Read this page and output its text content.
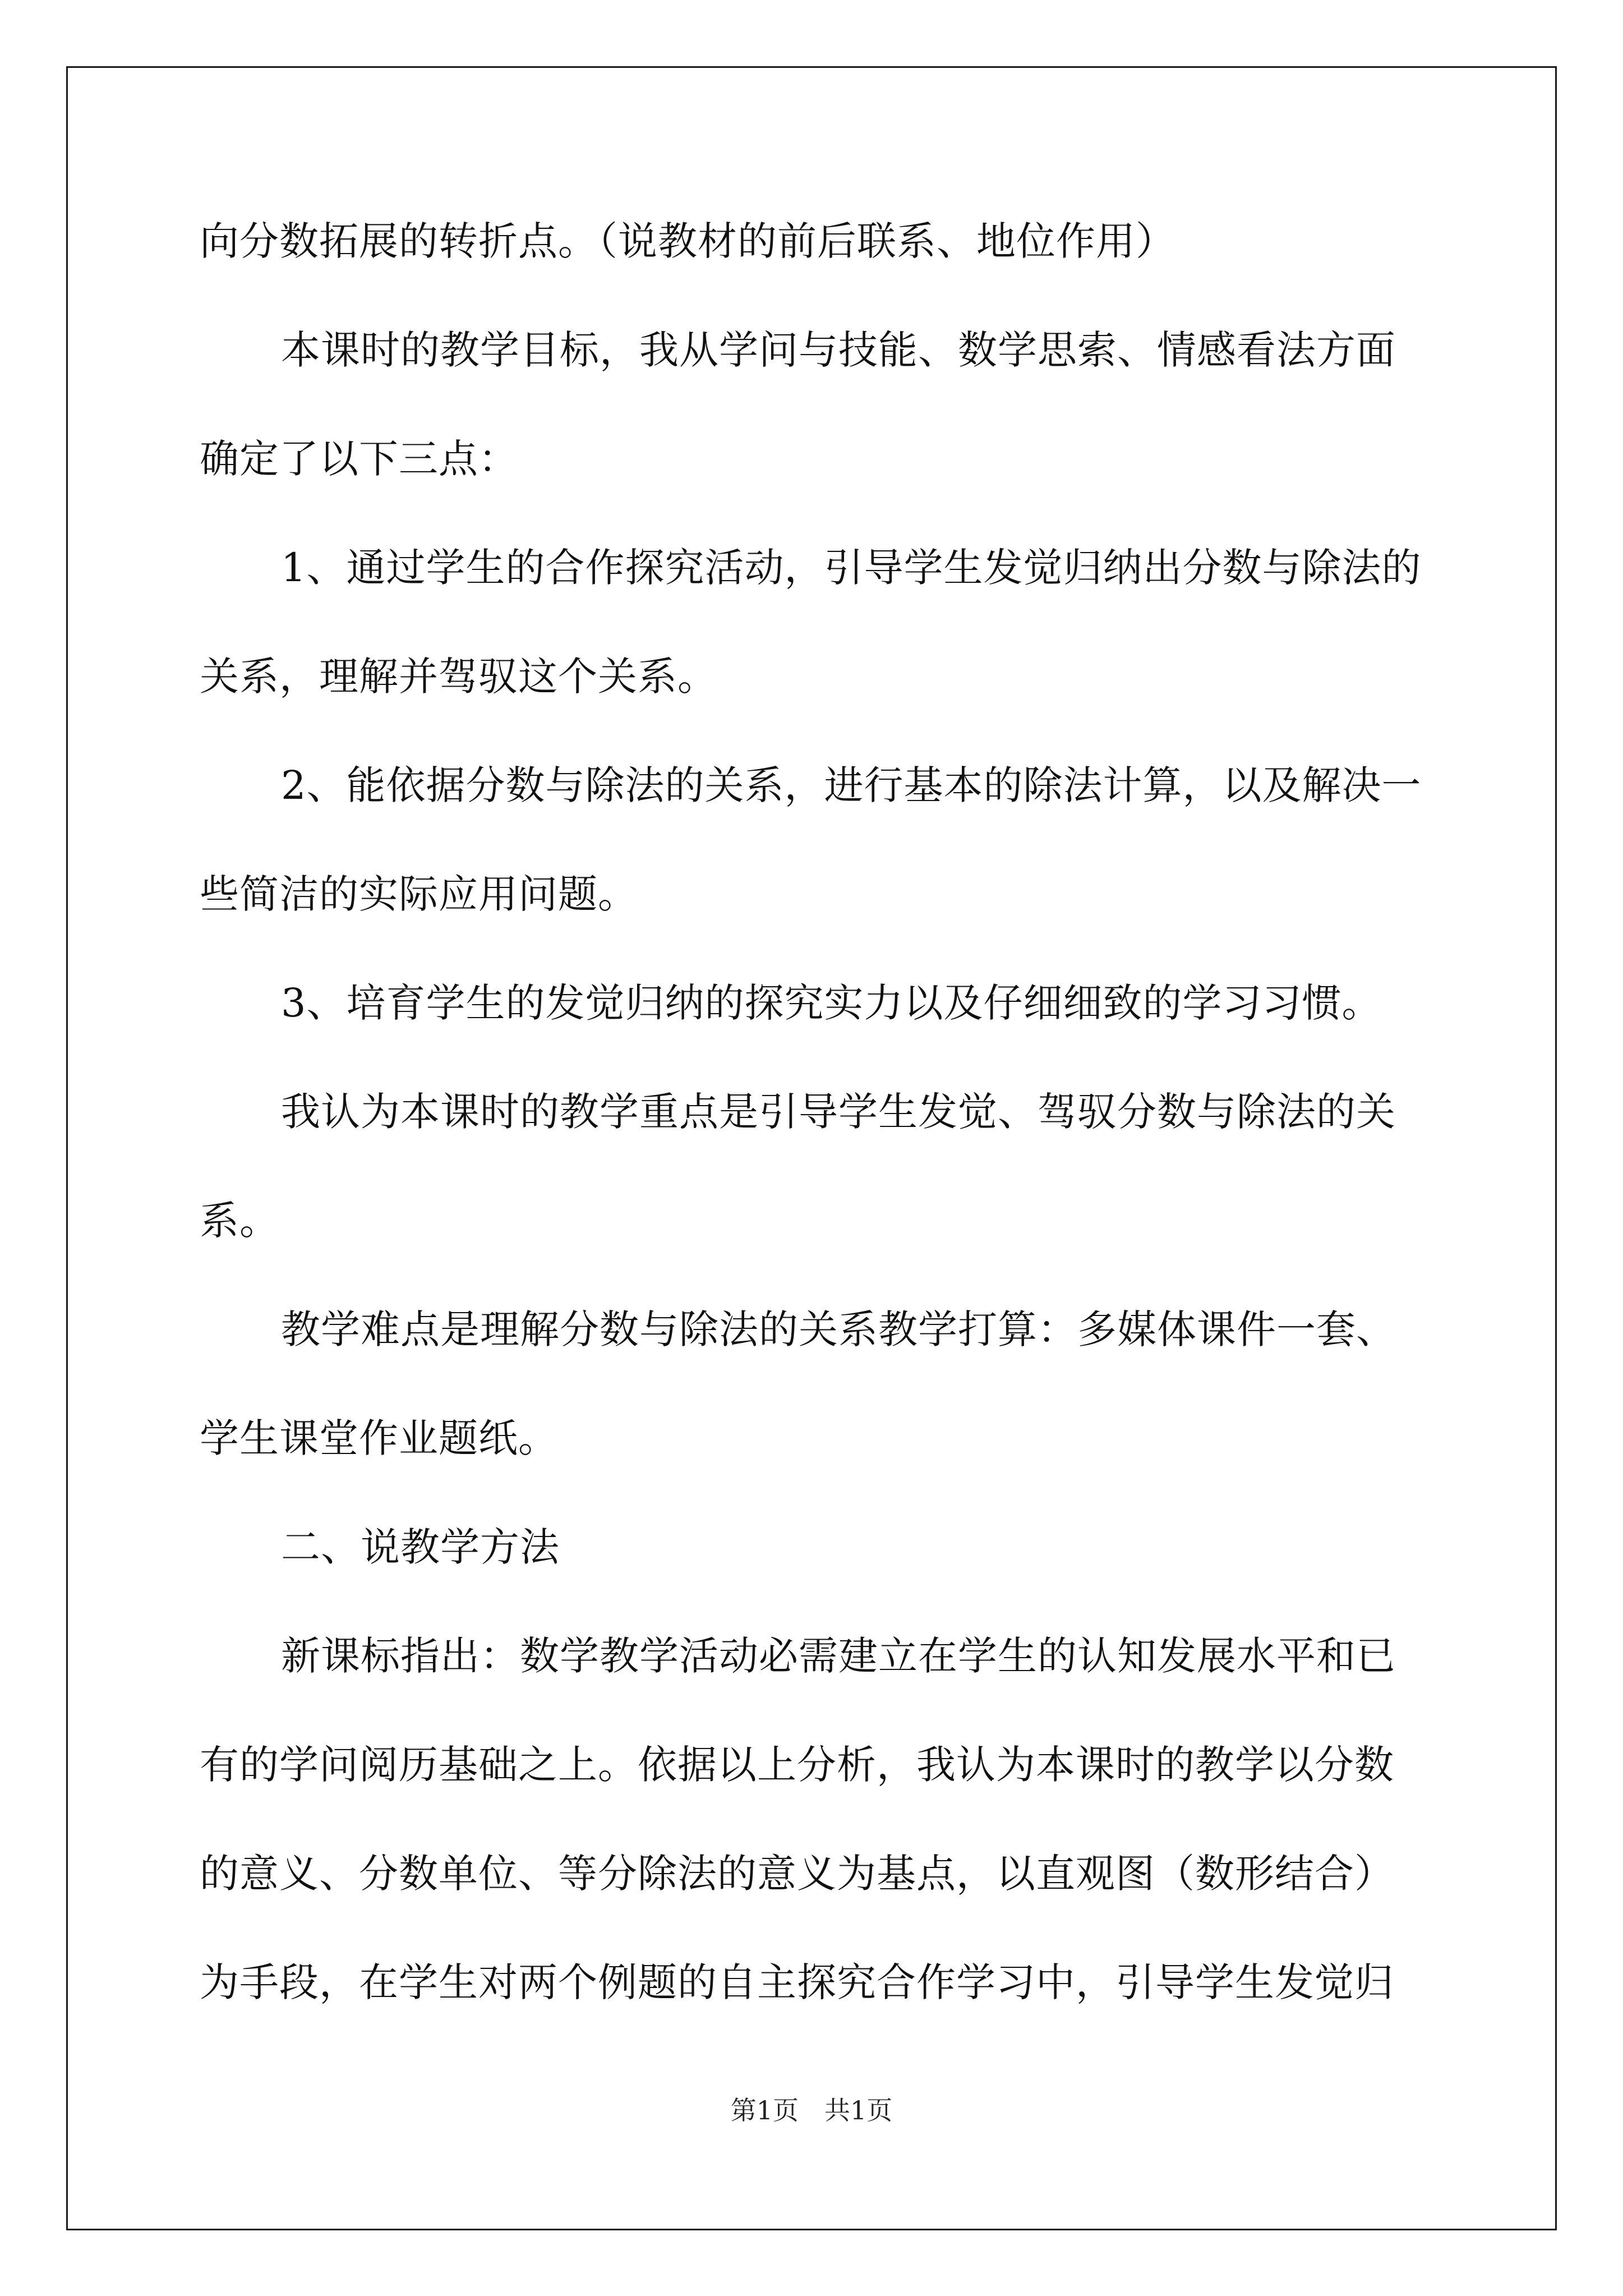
向分数拓展的转折点。（说教材的前后联系、地位作用）
本课时的教学目标，我从学问与技能、数学思索、情感看法方面
确定了以下三点：
1、通过学生的合作探究活动，引导学生发觉归纳出分数与除法的
关系，理解并驾驭这个关系。
2、能依据分数与除法的关系，进行基本的除法计算，以及解决一
些简洁的实际应用问题。
3、培育学生的发觉归纳的探究实力以及仔细细致的学习习惯。
我认为本课时的教学重点是引导学生发觉、驾驭分数与除法的关
系。
教学难点是理解分数与除法的关系教学打算：多媒体课件一套、
学生课堂作业题纸。
二、说教学方法
新课标指出：数学教学活动必需建立在学生的认知发展水平和已
有的学问阅历基础之上。依据以上分析，我认为本课时的教学以分数
的意义、分数单位、等分除法的意义为基点，以直观图（数形结合）
为手段，在学生对两个例题的自主探究合作学习中，引导学生发觉归
第1页　共1页
